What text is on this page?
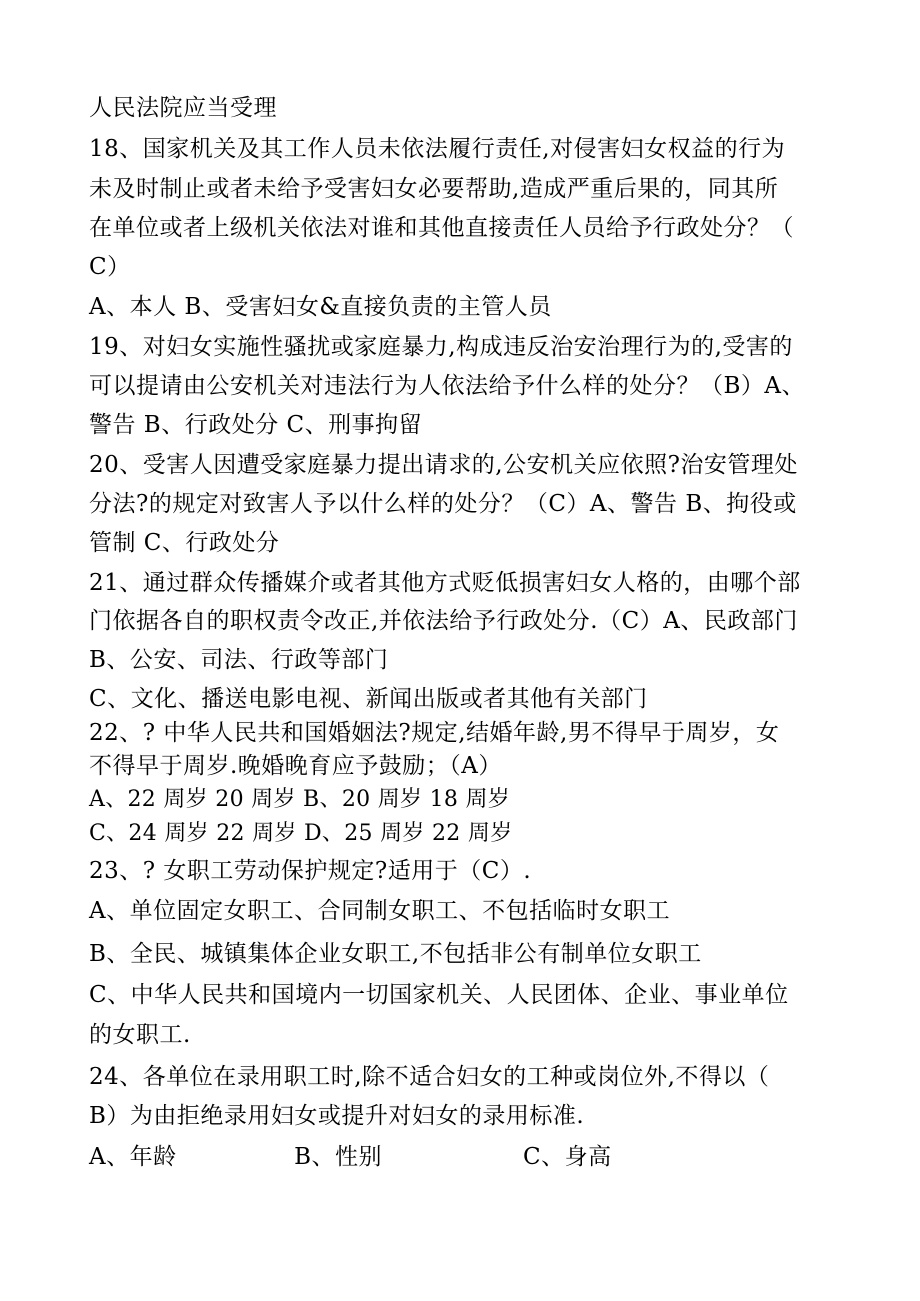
人民法院应当受理

18、国家机关及其工作人员未依法履行责任,对侵害妇女权益的行为

未及时制止或者未给予受害妇女必要帮助,造成严重后果的，同其所

在单位或者上级机关依法对谁和其他直接责任人员给予行政处分？（

C）

A、本人 B、受害妇女&直接负责的主管人员

19、对妇女实施性骚扰或家庭暴力,构成违反治安治理行为的,受害的

可以提请由公安机关对违法行为人依法给予什么样的处分？（B）A、

警告 B、行政处分 C、刑事拘留

20、受害人因遭受家庭暴力提出请求的,公安机关应依照?治安管理处

分法?的规定对致害人予以什么样的处分？（C）A、警告 B、拘役或

管制 C、行政处分

21、通过群众传播媒介或者其他方式贬低损害妇女人格的，由哪个部

门依据各自的职权责令改正,并依法给予行政处分.（C）A、民政部门

B、公安、司法、行政等部门

C、文化、播送电影电视、新闻出版或者其他有关部门

22、? 中华人民共和国婚姻法?规定,结婚年龄,男不得早于周岁，女

不得早于周岁.晚婚晚育应予鼓励；（A）

A、22 周岁 20 周岁 B、20 周岁 18 周岁

C、24 周岁 22 周岁 D、25 周岁 22 周岁

23、? 女职工劳动保护规定?适用于（C）.

A、单位固定女职工、合同制女职工、不包括临时女职工

B、全民、城镇集体企业女职工,不包括非公有制单位女职工

C、中华人民共和国境内一切国家机关、人民团体、企业、事业单位

的女职工.

24、各单位在录用职工时,除不适合妇女的工种或岗位外,不得以（

B）为由拒绝录用妇女或提升对妇女的录用标准.

A、年龄　　　　　B、性别　　　　　　C、身高
